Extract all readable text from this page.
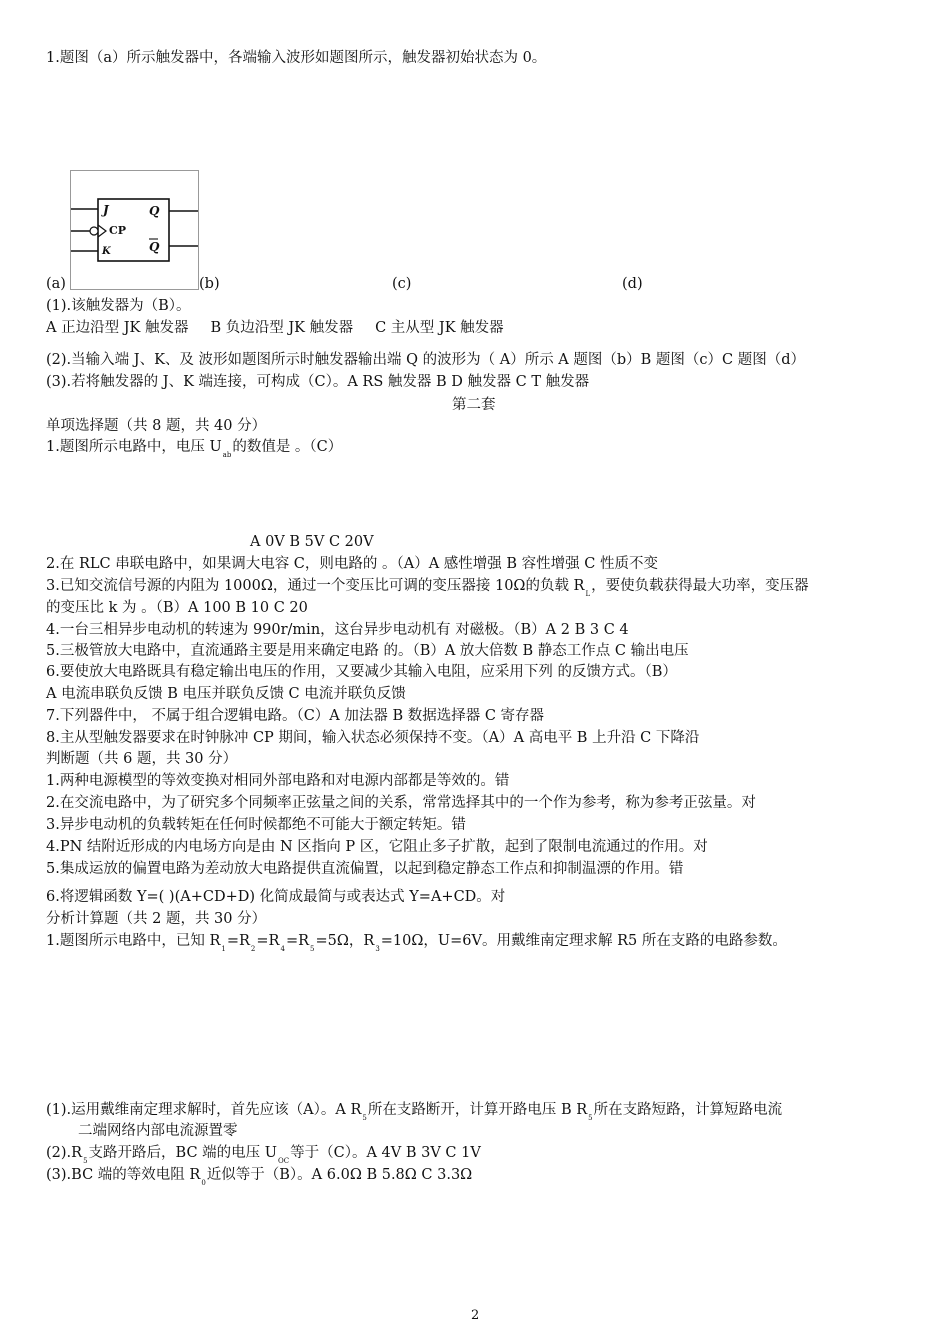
1.题图（a）所示触发器中，各端输入波形如题图所示，触发器初始状态为 0。
J	Q
CP
K	Q
(a)	(b)	(c)	(d)
(1).该触发器为（B）。
A 正边沿型 JK 触发器 B 负边沿型 JK 触发器 C 主从型 JK 触发器
(2).当输入端 J、K、及 波形如题图所示时触发器输出端 Q 的波形为（ A）所示 A 题图（b）B 题图（c）C 题图（d）
(3).若将触发器的 J、K 端连接，可构成（C）。A RS 触发器 B D 触发器 C T 触发器
第二套
单项选择题（共 8 题，共 40 分）
1.题图所示电路中，电压 $U_{ab}$的数值是 。（C）
A 0V B 5V C 20V
2.在 RLC 串联电路中，如果调大电容 C，则电路的 。（A）A 感性增强 B 容性增强 C 性质不变
3.已知交流信号源的内阻为 1000Ω，通过一个变压比可调的变压器接 10Ω的负载 $R_L$，要使负载获得最大功率，变压器
的变压比 k 为 。（B）A 100 B 10 C 20
4.一台三相异步电动机的转速为 990r/min，这台异步电动机有 对磁极。（B）A 2 B 3 C 4
5.三极管放大电路中，直流通路主要是用来确定电路 的。（B）A 放大倍数 B 静态工作点 C 输出电压
6.要使放大电路既具有稳定输出电压的作用，又要减少其输入电阻，应采用下列 的反馈方式。（B）
A 电流串联负反馈 B 电压并联负反馈 C 电流并联负反馈
7.下列器件中， 不属于组合逻辑电路。（C）A 加法器 B 数据选择器 C 寄存器
8.主从型触发器要求在时钟脉冲 CP 期间，输入状态必须保持不变。（A）A 高电平 B 上升沿 C 下降沿
判断题（共 6 题，共 30 分）
1.两种电源模型的等效变换对相同外部电路和对电源内部都是等效的。错
2.在交流电路中，为了研究多个同频率正弦量之间的关系，常常选择其中的一个作为参考，称为参考正弦量。对
3.异步电动机的负载转矩在任何时候都绝不可能大于额定转矩。错
4.PN 结附近形成的内电场方向是由 N 区指向 P 区，它阻止多子扩散，起到了限制电流通过的作用。对
5.集成运放的偏置电路为差动放大电路提供直流偏置，以起到稳定静态工作点和抑制温漂的作用。错
6.将逻辑函数 Y=( )(A+CD+D) 化简成最简与或表达式 Y=A+CD。对
分析计算题（共 2 题，共 30 分）
1.题图所示电路中，已知 $R_1=R_2=R_4=R_5=5\Omega$，$R_3=10\Omega$，U=6V。用戴维南定理求解 R5 所在支路的电路参数。
(1).运用戴维南定理求解时，首先应该（A）。A $R_5$所在支路断开，计算开路电压 B $R_5$所在支路短路，计算短路电流
二端网络内部电流源置零
$(2).R_5$支路开路后，BC 端的电压 $U_{OC}$等于（C）。A 4V B 3V C 1V
(3).BC 端的等效电阻 $R_0$近似等于（B）。A 6.0Ω B 5.8Ω C 3.3Ω
2
